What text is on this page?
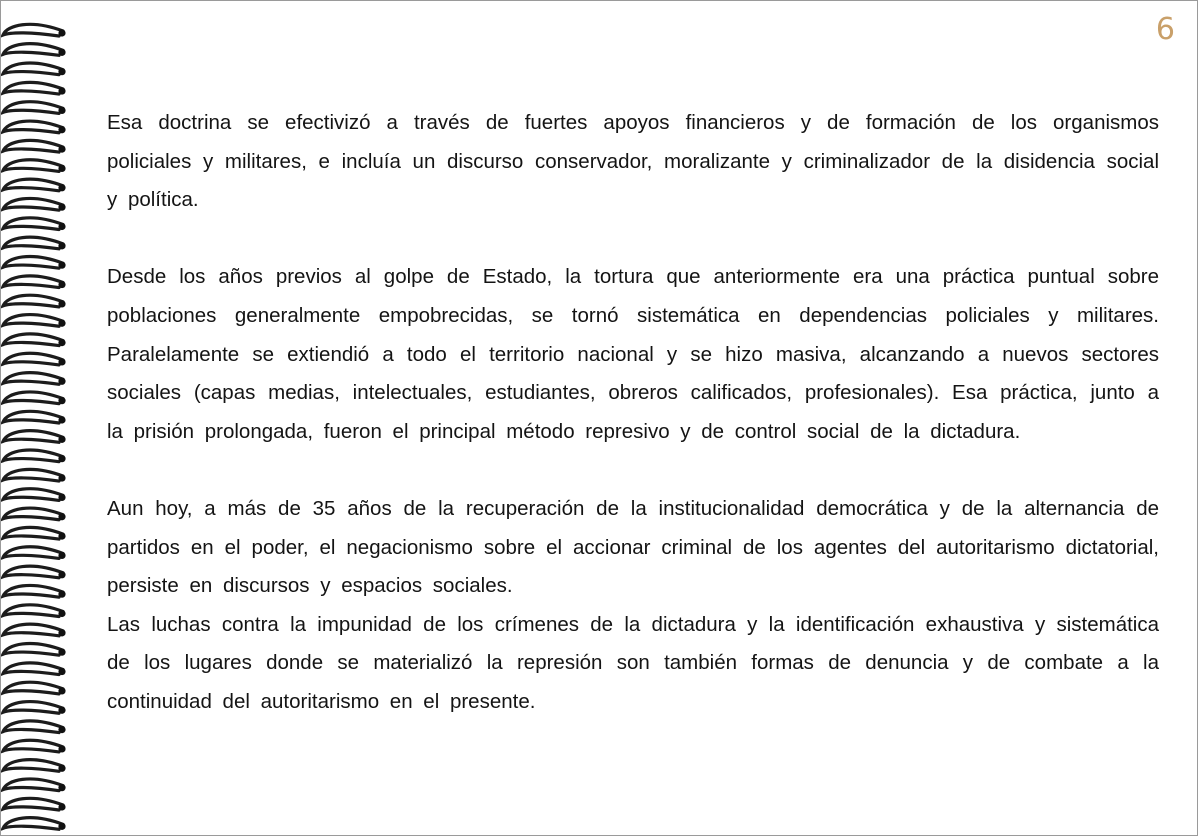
6

Esa doctrina se efectivizó a través de fuertes apoyos financieros y de formación de los organismos policiales y militares, e incluía un discurso conservador, moralizante y criminalizador de la disidencia social y política.

Desde los años previos al golpe de Estado, la tortura que anteriormente era una práctica puntual sobre poblaciones generalmente empobrecidas, se tornó sistemática en dependencias policiales y militares. Paralelamente se extiendió a todo el territorio nacional y se hizo masiva, alcanzando a nuevos sectores sociales (capas medias, intelectuales, estudiantes, obreros calificados, profesionales). Esa práctica, junto a la prisión prolongada, fueron el principal método represivo y de control social de la dictadura.

Aun hoy, a más de 35 años de la recuperación de la institucionalidad democrática y de la alternancia de partidos en el poder, el negacionismo sobre el accionar criminal de los agentes del autoritarismo dictatorial, persiste en discursos y espacios sociales.

Las luchas contra la impunidad de los crímenes de la dictadura y la identificación exhaustiva y sistemática de los lugares donde se materializó la represión son también formas de denuncia y de combate a la continuidad del autoritarismo en el presente.
